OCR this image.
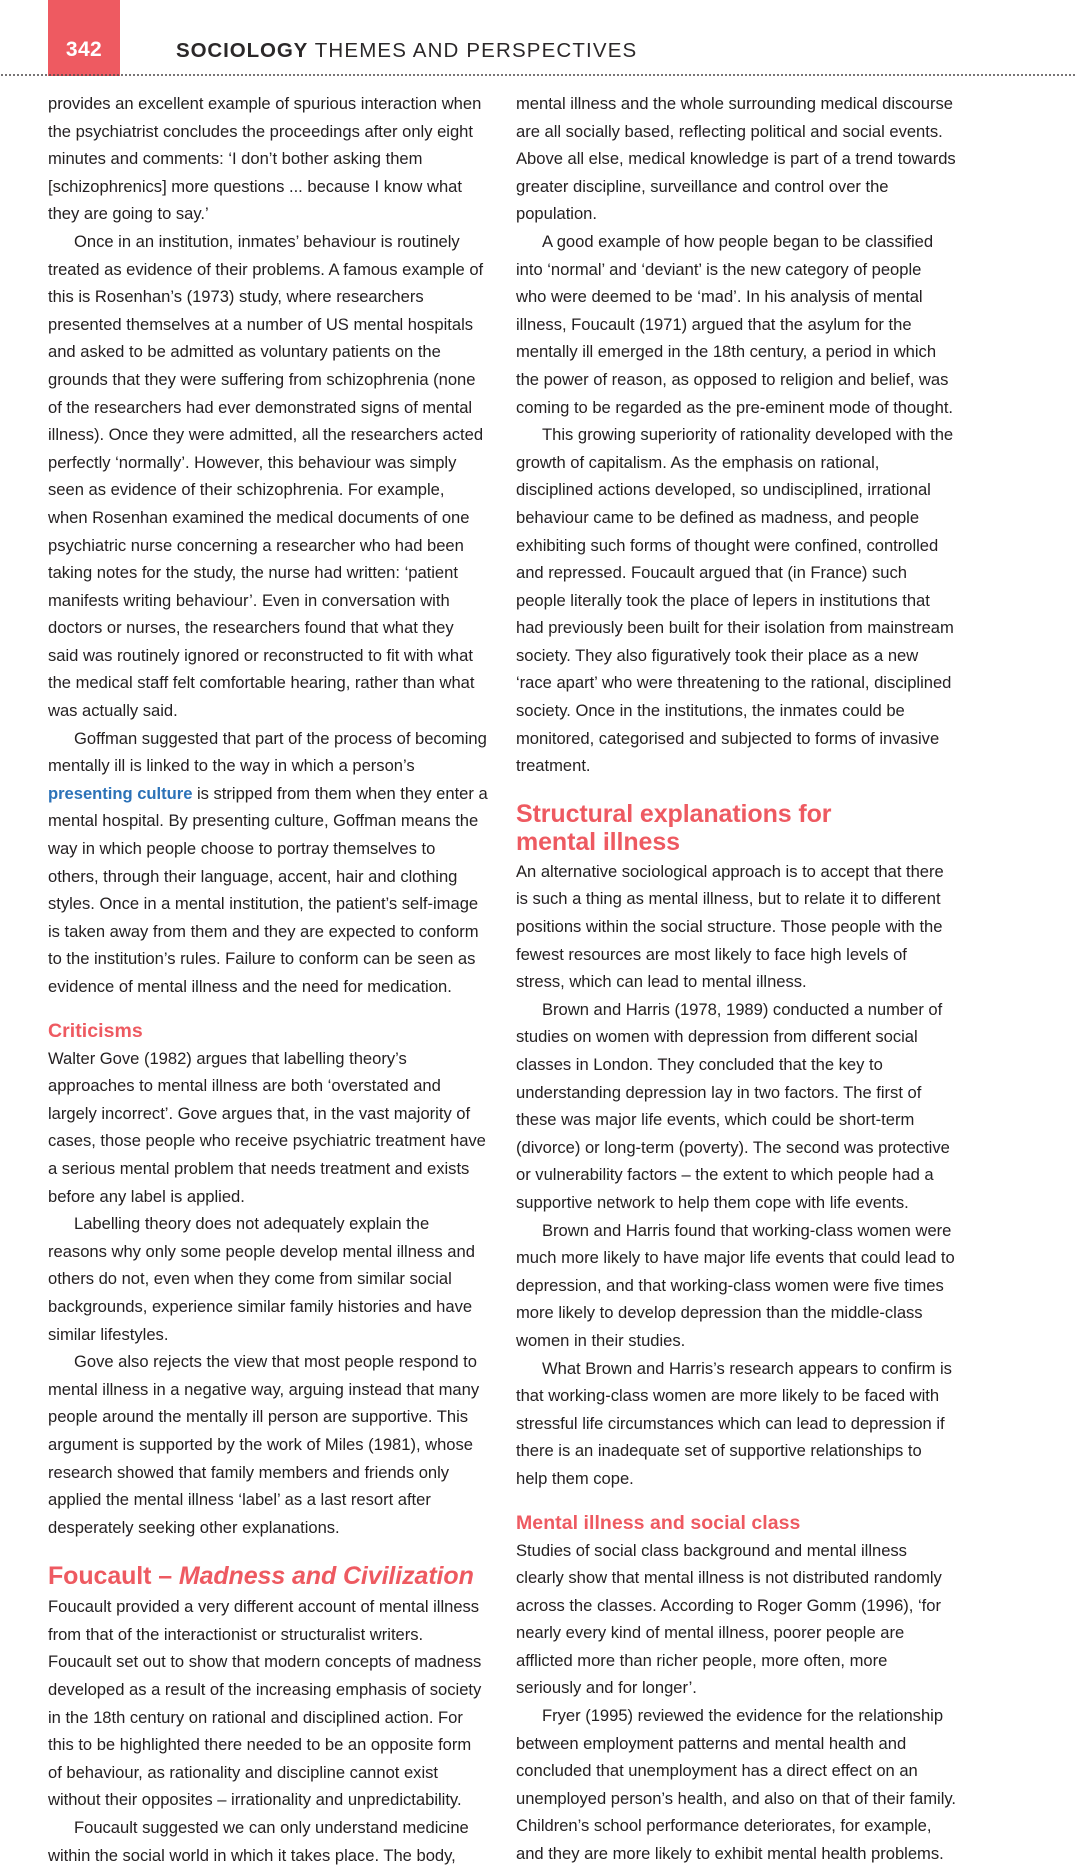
342	SOCIOLOGY THEMES AND PERSPECTIVES

provides an excellent example of spurious interaction when the psychiatrist concludes the proceedings after only eight minutes and comments: ‘I don’t bother asking them [schizophrenics] more questions ... because I know what they are going to say.’

Once in an institution, inmates’ behaviour is routinely treated as evidence of their problems. A famous example of this is Rosenhan’s (1973) study, where researchers presented themselves at a number of US mental hospitals and asked to be admitted as voluntary patients on the grounds that they were suffering from schizophrenia (none of the researchers had ever demonstrated signs of mental illness). Once they were admitted, all the researchers acted perfectly ‘normally’. However, this behaviour was simply seen as evidence of their schizophrenia. For example, when Rosenhan examined the medical documents of one psychiatric nurse concerning a researcher who had been taking notes for the study, the nurse had written: ‘patient manifests writing behaviour’. Even in conversation with doctors or nurses, the researchers found that what they said was routinely ignored or reconstructed to fit with what the medical staff felt comfortable hearing, rather than what was actually said.

Goffman suggested that part of the process of becoming mentally ill is linked to the way in which a person’s presenting culture is stripped from them when they enter a mental hospital. By presenting culture, Goffman means the way in which people choose to portray themselves to others, through their language, accent, hair and clothing styles. Once in a mental institution, the patient’s self-image is taken away from them and they are expected to conform to the institution’s rules. Failure to conform can be seen as evidence of mental illness and the need for medication.

Criticisms

Walter Gove (1982) argues that labelling theory’s approaches to mental illness are both ‘overstated and largely incorrect’. Gove argues that, in the vast majority of cases, those people who receive psychiatric treatment have a serious mental problem that needs treatment and exists before any label is applied.

Labelling theory does not adequately explain the reasons why only some people develop mental illness and others do not, even when they come from similar social backgrounds, experience similar family histories and have similar lifestyles.

Gove also rejects the view that most people respond to mental illness in a negative way, arguing instead that many people around the mentally ill person are supportive. This argument is supported by the work of Miles (1981), whose research showed that family members and friends only applied the mental illness ‘label’ as a last resort after desperately seeking other explanations.

Foucault – Madness and Civilization

Foucault provided a very different account of mental illness from that of the interactionist or structuralist writers. Foucault set out to show that modern concepts of madness developed as a result of the increasing emphasis of society in the 18th century on rational and disciplined action. For this to be highlighted there needed to be an opposite form of behaviour, as rationality and discipline cannot exist without their opposites – irrationality and unpredictability.

Foucault suggested we can only understand medicine within the social world in which it takes place. The body,

mental illness and the whole surrounding medical discourse are all socially based, reflecting political and social events. Above all else, medical knowledge is part of a trend towards greater discipline, surveillance and control over the population.

A good example of how people began to be classified into ‘normal’ and ‘deviant’ is the new category of people who were deemed to be ‘mad’. In his analysis of mental illness, Foucault (1971) argued that the asylum for the mentally ill emerged in the 18th century, a period in which the power of reason, as opposed to religion and belief, was coming to be regarded as the pre-eminent mode of thought.

This growing superiority of rationality developed with the growth of capitalism. As the emphasis on rational, disciplined actions developed, so undisciplined, irrational behaviour came to be defined as madness, and people exhibiting such forms of thought were confined, controlled and repressed. Foucault argued that (in France) such people literally took the place of lepers in institutions that had previously been built for their isolation from mainstream society. They also figuratively took their place as a new ‘race apart’ who were threatening to the rational, disciplined society. Once in the institutions, the inmates could be monitored, categorised and subjected to forms of invasive treatment.

Structural explanations for
mental illness

An alternative sociological approach is to accept that there is such a thing as mental illness, but to relate it to different positions within the social structure. Those people with the fewest resources are most likely to face high levels of stress, which can lead to mental illness.

Brown and Harris (1978, 1989) conducted a number of studies on women with depression from different social classes in London. They concluded that the key to understanding depression lay in two factors. The first of these was major life events, which could be short-term (divorce) or long-term (poverty). The second was protective or vulnerability factors – the extent to which people had a supportive network to help them cope with life events.

Brown and Harris found that working-class women were much more likely to have major life events that could lead to depression, and that working-class women were five times more likely to develop depression than the middle-class women in their studies.

What Brown and Harris’s research appears to confirm is that working-class women are more likely to be faced with stressful life circumstances which can lead to depression if there is an inadequate set of supportive relationships to help them cope.

Mental illness and social class

Studies of social class background and mental illness clearly show that mental illness is not distributed randomly across the classes. According to Roger Gomm (1996), ‘for nearly every kind of mental illness, poorer people are afflicted more than richer people, more often, more seriously and for longer’.

Fryer (1995) reviewed the evidence for the relationship between employment patterns and mental health and concluded that unemployment has a direct effect on an unemployed person’s health, and also on that of their family. Children’s school performance deteriorates, for example, and they are more likely to exhibit mental health problems.
